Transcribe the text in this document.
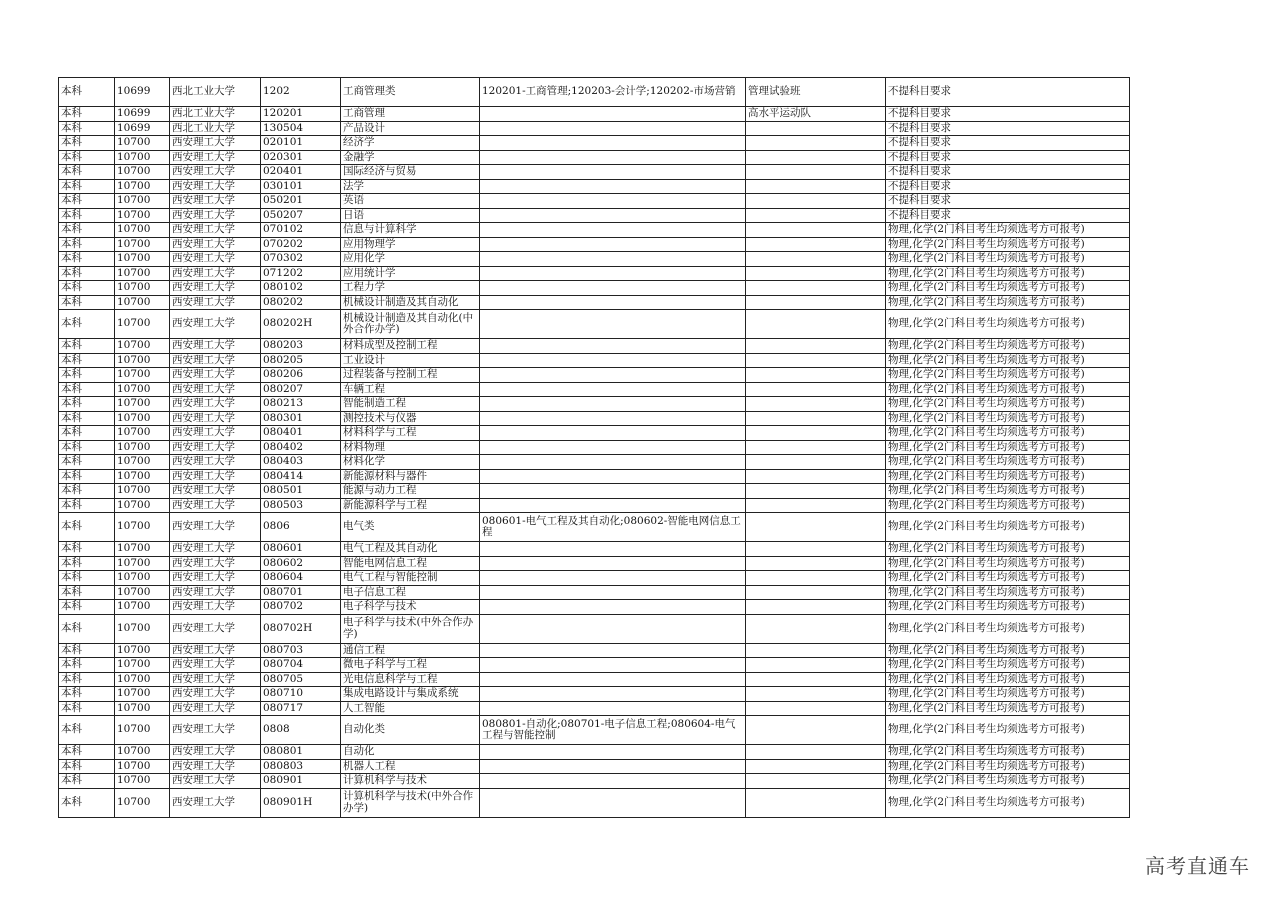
本科	10699	西北工业大学	1202	工商管理类	120201-工商管理;120203-会计学;120202-市场营销	管理试验班	不提科目要求
本科	10699	西北工业大学	120201	工商管理		高水平运动队	不提科目要求
本科	10699	西北工业大学	130504	产品设计			不提科目要求
本科	10700	西安理工大学	020101	经济学			不提科目要求
本科	10700	西安理工大学	020301	金融学			不提科目要求
本科	10700	西安理工大学	020401	国际经济与贸易			不提科目要求
本科	10700	西安理工大学	030101	法学			不提科目要求
本科	10700	西安理工大学	050201	英语			不提科目要求
本科	10700	西安理工大学	050207	日语			不提科目要求
本科	10700	西安理工大学	070102	信息与计算科学			物理,化学(2门科目考生均须选考方可报考)
本科	10700	西安理工大学	070202	应用物理学			物理,化学(2门科目考生均须选考方可报考)
本科	10700	西安理工大学	070302	应用化学			物理,化学(2门科目考生均须选考方可报考)
本科	10700	西安理工大学	071202	应用统计学			物理,化学(2门科目考生均须选考方可报考)
本科	10700	西安理工大学	080102	工程力学			物理,化学(2门科目考生均须选考方可报考)
本科	10700	西安理工大学	080202	机械设计制造及其自动化			物理,化学(2门科目考生均须选考方可报考)
本科	10700	西安理工大学	080202H	机械设计制造及其自动化(中外合作办学)			物理,化学(2门科目考生均须选考方可报考)
本科	10700	西安理工大学	080203	材料成型及控制工程			物理,化学(2门科目考生均须选考方可报考)
本科	10700	西安理工大学	080205	工业设计			物理,化学(2门科目考生均须选考方可报考)
本科	10700	西安理工大学	080206	过程装备与控制工程			物理,化学(2门科目考生均须选考方可报考)
本科	10700	西安理工大学	080207	车辆工程			物理,化学(2门科目考生均须选考方可报考)
本科	10700	西安理工大学	080213	智能制造工程			物理,化学(2门科目考生均须选考方可报考)
本科	10700	西安理工大学	080301	测控技术与仪器			物理,化学(2门科目考生均须选考方可报考)
本科	10700	西安理工大学	080401	材料科学与工程			物理,化学(2门科目考生均须选考方可报考)
本科	10700	西安理工大学	080402	材料物理			物理,化学(2门科目考生均须选考方可报考)
本科	10700	西安理工大学	080403	材料化学			物理,化学(2门科目考生均须选考方可报考)
本科	10700	西安理工大学	080414	新能源材料与器件			物理,化学(2门科目考生均须选考方可报考)
本科	10700	西安理工大学	080501	能源与动力工程			物理,化学(2门科目考生均须选考方可报考)
本科	10700	西安理工大学	080503	新能源科学与工程			物理,化学(2门科目考生均须选考方可报考)
本科	10700	西安理工大学	0806	电气类	080601-电气工程及其自动化;080602-智能电网信息工程		物理,化学(2门科目考生均须选考方可报考)
本科	10700	西安理工大学	080601	电气工程及其自动化			物理,化学(2门科目考生均须选考方可报考)
本科	10700	西安理工大学	080602	智能电网信息工程			物理,化学(2门科目考生均须选考方可报考)
本科	10700	西安理工大学	080604	电气工程与智能控制			物理,化学(2门科目考生均须选考方可报考)
本科	10700	西安理工大学	080701	电子信息工程			物理,化学(2门科目考生均须选考方可报考)
本科	10700	西安理工大学	080702	电子科学与技术			物理,化学(2门科目考生均须选考方可报考)
本科	10700	西安理工大学	080702H	电子科学与技术(中外合作办学)			物理,化学(2门科目考生均须选考方可报考)
本科	10700	西安理工大学	080703	通信工程			物理,化学(2门科目考生均须选考方可报考)
本科	10700	西安理工大学	080704	微电子科学与工程			物理,化学(2门科目考生均须选考方可报考)
本科	10700	西安理工大学	080705	光电信息科学与工程			物理,化学(2门科目考生均须选考方可报考)
本科	10700	西安理工大学	080710	集成电路设计与集成系统			物理,化学(2门科目考生均须选考方可报考)
本科	10700	西安理工大学	080717	人工智能			物理,化学(2门科目考生均须选考方可报考)
本科	10700	西安理工大学	0808	自动化类	080801-自动化;080701-电子信息工程;080604-电气工程与智能控制		物理,化学(2门科目考生均须选考方可报考)
本科	10700	西安理工大学	080801	自动化			物理,化学(2门科目考生均须选考方可报考)
本科	10700	西安理工大学	080803	机器人工程			物理,化学(2门科目考生均须选考方可报考)
本科	10700	西安理工大学	080901	计算机科学与技术			物理,化学(2门科目考生均须选考方可报考)
本科	10700	西安理工大学	080901H	计算机科学与技术(中外合作办学)			物理,化学(2门科目考生均须选考方可报考)
高考直通车
